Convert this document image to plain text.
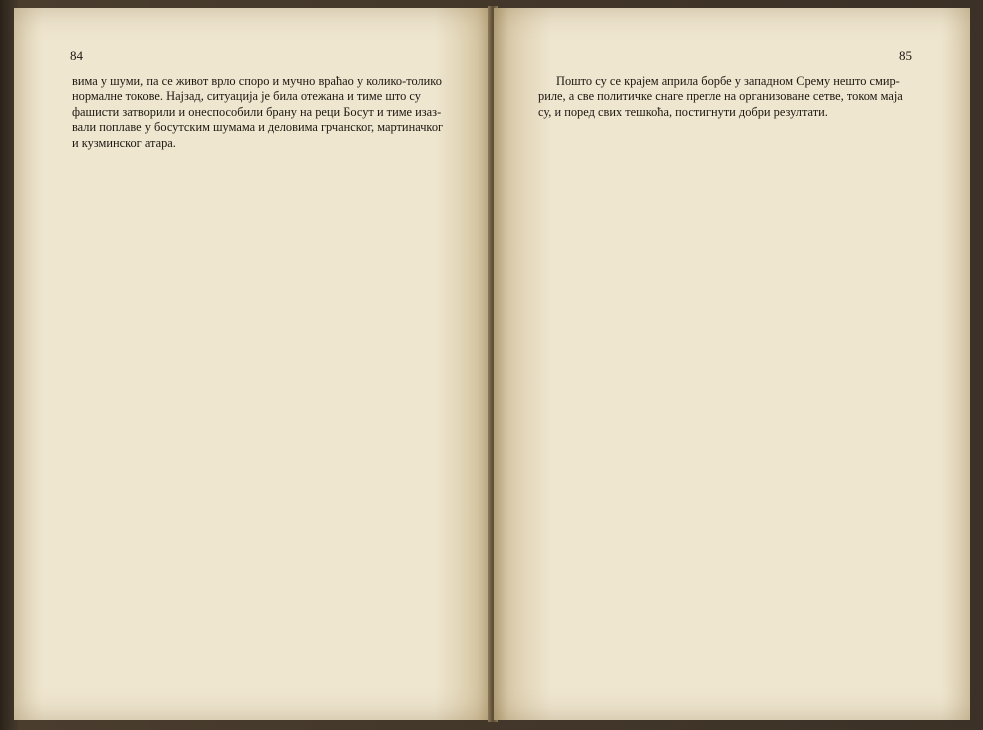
84

вима у шуми, па се живот врло споро и мучно враћао у колико-толико

нормалне токове. Најзад, ситуација је била отежана и тиме што су

фашисти затворили и онеспособили брану на реци Босут и тиме изаз-

вали поплаве у босутским шумама и деловима грчанског, мартиначког

и кузминског атара.

85

Пошто су се крајем априла борбе у западном Срему нешто смир-

риле, а све политичке снаге прегле на организоване сетве, током маја

су, и поред свих тешкоћа, постигнути добри резултати.
